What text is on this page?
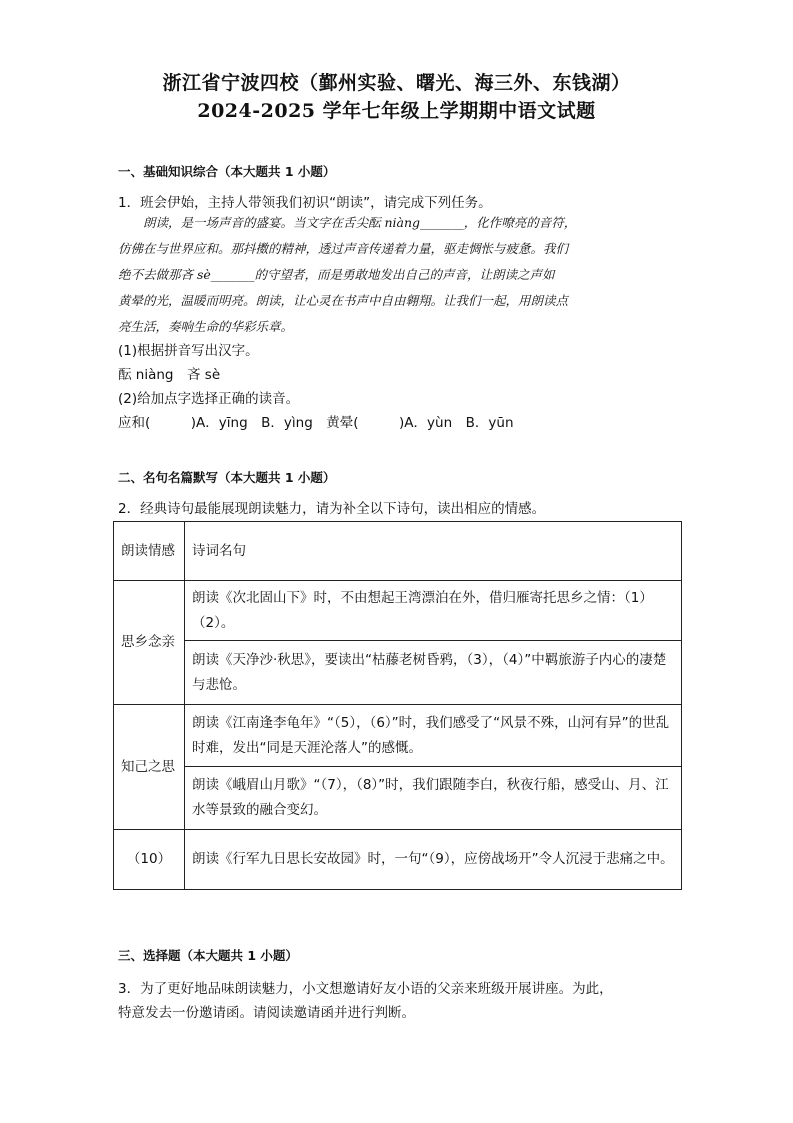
浙江省宁波四校（鄞州实验、曙光、海三外、东钱湖）
2024-2025 学年七年级上学期期中语文试题
一、基础知识综合（本大题共 1 小题）
1．班会伊始，主持人带领我们初识“朗读”，请完成下列任务。

　　朗读，是一场声音的盛宴。当文字在舌尖酝 niàng_______，化作嘹亮的音符，

仿佛在与世界应和。那抖擞的精神，透过声音传递着力量，驱走惆怅与疲惫。我们

绝不去做那吝 sè_______的守望者，而是勇敢地发出自己的声音，让朗读之声如

黄晕的光，温暖而明亮。朗读，让心灵在书声中自由翱翔。让我们一起，用朗读点

亮生活，奏响生命的华彩乐章。

(1)根据拼音写出汉字。
酝 niàng　吝 sè
(2)给加点字选择正确的读音。
应和(　　　)A．yīng　B．yìng　黄晕(　　　)A．yùn　B．yūn
二、名句名篇默写（本大题共 1 小题）
2．经典诗句最能展现朗读魅力，请为补全以下诗句，读出相应的情感。
朗读情感	诗词名句
思乡念亲	朗读《次北固山下》时，不由想起王湾漂泊在外，借归雁寄托思乡之情：（1）（2）。
	朗读《天净沙·秋思》，要读出“枯藤老树昏鸦，（3），（4）”中羁旅游子内心的凄楚与悲怆。
知己之思	朗读《江南逢李龟年》“（5），（6）”时，我们感受了“风景不殊，山河有异”的世乱时难，发出“同是天涯沦落人”的感慨。
	朗读《峨眉山月歌》“（7），（8）”时，我们跟随李白，秋夜行船，感受山、月、江水等景致的融合变幻。
（10）	朗读《行军九日思长安故园》时，一句“（9），应傍战场开”令人沉浸于悲痛之中。
三、选择题（本大题共 1 小题）
3．为了更好地品味朗读魅力，小文想邀请好友小语的父亲来班级开展讲座。为此，
特意发去一份邀请函。请阅读邀请函并进行判断。
